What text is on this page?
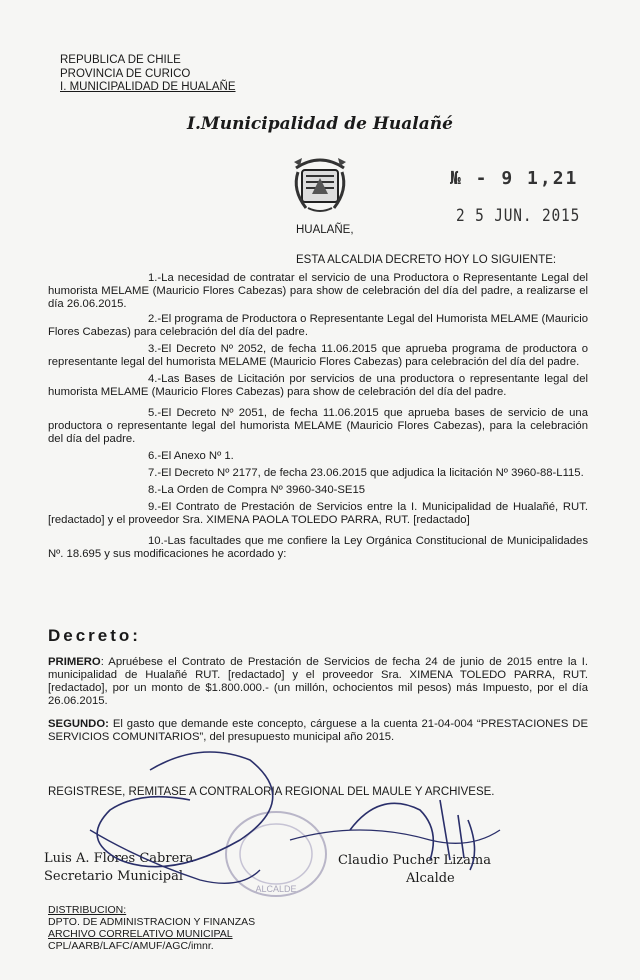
REPUBLICA DE CHILE
PROVINCIA DE CURICO
I. MUNICIPALIDAD DE HUALAÑE
I.Municipalidad de Hualañé
№ - 9 1,21
2 5 JUN. 2015
HUALAÑE,
ESTA ALCALDIA DECRETO HOY LO SIGUIENTE:

1.-La necesidad de contratar el servicio de una Productora o Representante Legal del humorista MELAME (Mauricio Flores Cabezas) para show de celebración del día del padre, a realizarse el día 26.06.2015.

2.-El programa de Productora o Representante Legal del Humorista MELAME (Mauricio Flores Cabezas) para celebración del día del padre.

3.-El Decreto Nº 2052, de fecha 11.06.2015 que aprueba programa de productora o representante legal del humorista MELAME (Mauricio Flores Cabezas) para celebración del día del padre.

4.-Las Bases de Licitación por servicios de una productora o representante legal del humorista MELAME (Mauricio Flores Cabezas) para show de celebración del día del padre.

5.-El Decreto Nº 2051, de fecha 11.06.2015 que aprueba bases de servicio de una productora o representante legal del humorista MELAME (Mauricio Flores Cabezas), para la celebración del día del padre.

6.-El Anexo Nº 1.

7.-El Decreto Nº 2177, de fecha 23.06.2015 que adjudica la licitación Nº 3960-88-L115.

8.-La Orden de Compra Nº 3960-340-SE15

9.-El Contrato de Prestación de Servicios entre la I. Municipalidad de Hualañé, RUT. [redactado] y el proveedor Sra. XIMENA PAOLA TOLEDO PARRA, RUT. [redactado]

10.-Las facultades que me confiere la Ley Orgánica Constitucional de Municipalidades Nº. 18.695 y sus modificaciones he acordado y:

Decreto:

PRIMERO: Apruébese el Contrato de Prestación de Servicios de fecha 24 de junio de 2015 entre la I. municipalidad de Hualañé RUT. [redactado] y el proveedor Sra. XIMENA TOLEDO PARRA, RUT. [redactado], por un monto de $1.800.000.- (un millón, ochocientos mil pesos) más Impuesto, por el día 26.06.2015.

SEGUNDO: El gasto que demande este concepto, cárguese a la cuenta 21-04-004 “PRESTACIONES DE SERVICIOS COMUNITARIOS”, del presupuesto municipal año 2015.

REGISTRESE, REMITASE A CONTRALORIA REGIONAL DEL MAULE Y ARCHIVESE.
ALCALDE
Luis A. Flores Cabrera
Secretario Municipal
Claudio Pucher Lizama
Alcalde
DISTRIBUCION:
DPTO. DE ADMINISTRACION Y FINANZAS
ARCHIVO CORRELATIVO MUNICIPAL
CPL/AARB/LAFC/AMUF/AGC/imnr.
